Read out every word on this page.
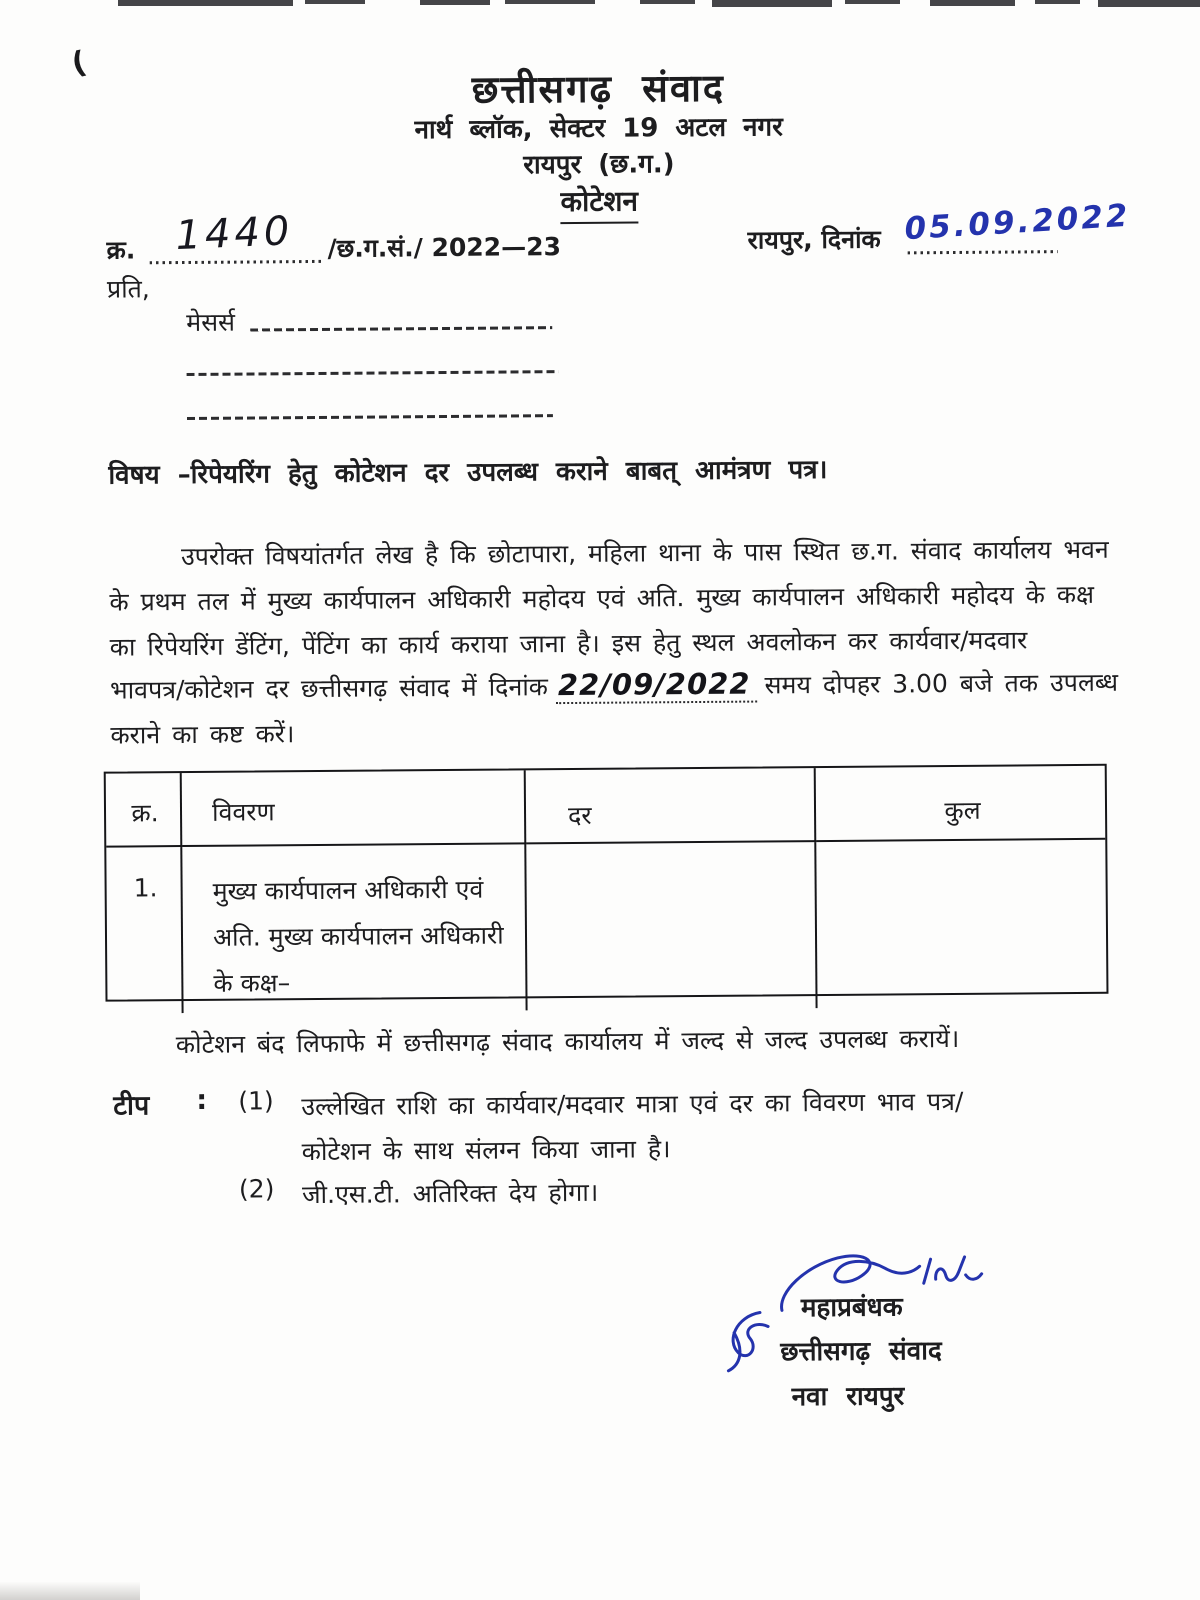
(
छत्तीसगढ़ संवाद
नार्थ ब्लॉक, सेक्टर 19 अटल नगर
रायपुर (छ.ग.)
कोटेशन
क्र. 1440 /छ.ग.सं./ 2022—23	रायपुर, दिनांक 05.09.2022
प्रति,
मेसर्स
विषय –रिपेयरिंग हेतु कोटेशन दर उपलब्ध कराने बाबत् आमंत्रण पत्र।
उपरोक्त विषयांतर्गत लेख है कि छोटापारा, महिला थाना के पास स्थित छ.ग. संवाद कार्यालय भवन
के प्रथम तल में मुख्य कार्यपालन अधिकारी महोदय एवं अति. मुख्य कार्यपालन अधिकारी महोदय के कक्ष
का रिपेयरिंग डेंटिंग, पेंटिंग का कार्य कराया जाना है। इस हेतु स्थल अवलोकन कर कार्यवार/मदवार
भावपत्र/कोटेशन दर छत्तीसगढ़ संवाद में दिनांक 22/09/2022 समय दोपहर 3.00 बजे तक उपलब्ध
कराने का कष्ट करें।
क्र.	विवरण	दर	कुल
1.	मुख्य कार्यपालन अधिकारी एवं अति. मुख्य कार्यपालन अधिकारी के कक्ष–
कोटेशन बंद लिफाफे में छत्तीसगढ़ संवाद कार्यालय में जल्द से जल्द उपलब्ध करायें।
टीप : (1) उल्लेखित राशि का कार्यवार/मदवार मात्रा एवं दर का विवरण भाव पत्र/कोटेशन के साथ संलग्न किया जाना है।
(2) जी.एस.टी. अतिरिक्त देय होगा।
महाप्रबंधक
छत्तीसगढ़ संवाद
नवा रायपुर
